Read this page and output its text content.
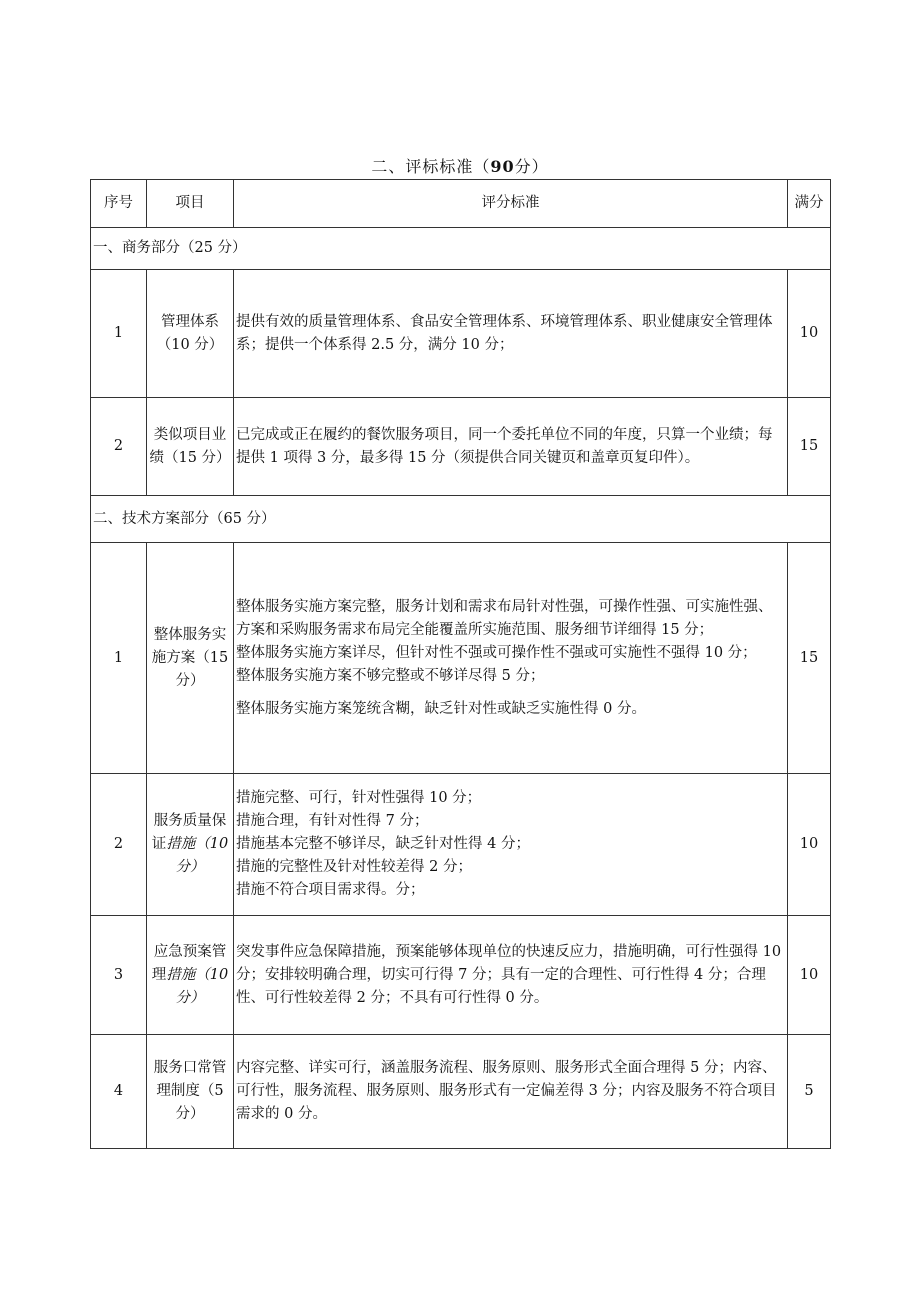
二、评标标准（90分）
序号	项目	评分标准	满分
一、商务部分（25 分）			
1	管理体系（10 分）	提供有效的质量管理体系、食品安全管理体系、环境管理体系、职业健康安全管理体系；提供一个体系得 2.5 分，满分 10 分；	10
2	类似项目业绩（15 分）	已完成或正在履约的餐饮服务项目，同一个委托单位不同的年度，只算一个业绩；每提供 1 项得 3 分，最多得 15 分（须提供合同关键页和盖章页复印件）。	15
二、技术方案部分（65 分）			
1	整体服务实施方案（15 分）	整体服务实施方案完整，服务计划和需求布局针对性强，可操作性强、可实施性强、方案和采购服务需求布局完全能覆盖所实施范围、服务细节详细得 15 分；
整体服务实施方案详尽，但针对性不强或可操作性不强或可实施性不强得 10 分；
整体服务实施方案不够完整或不够详尽得 5 分；
整体服务实施方案笼统含糊，缺乏针对性或缺乏实施性得 0 分。	15
2	服务质量保证措施（10分）	措施完整、可行，针对性强得 10 分；
措施合理，有针对性得 7 分；
措施基本完整不够详尽，缺乏针对性得 4 分；
措施的完整性及针对性较差得 2 分；
措施不符合项目需求得。分；	10
3	应急预案管理措施（10分）	突发事件应急保障措施，预案能够体现单位的快速反应力，措施明确，可行性强得 10 分；安排较明确合理，切实可行得 7 分；具有一定的合理性、可行性得 4 分；合理性、可行性较差得 2 分；不具有可行性得 0 分。	10
4	服务口常管理制度（5 分）	内容完整、详实可行，涵盖服务流程、服务原则、服务形式全面合理得 5 分；内容、可行性，服务流程、服务原则、服务形式有一定偏差得 3 分；内容及服务不符合项目需求的 0 分。	5
